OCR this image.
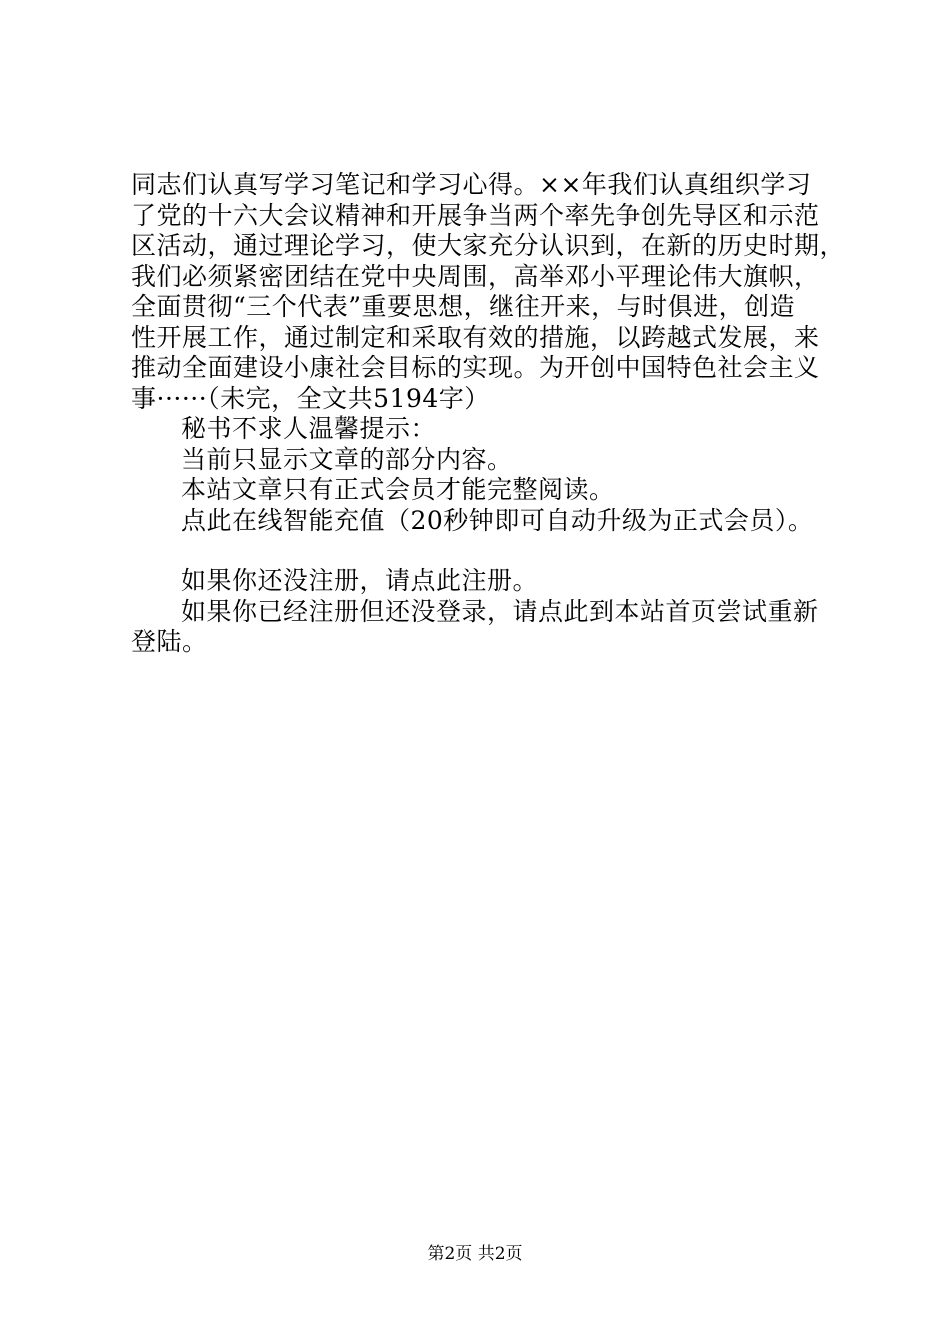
同志们认真写学习笔记和学习心得。××年我们认真组织学习
了党的十六大会议精神和开展争当两个率先争创先导区和示范
区活动，通过理论学习，使大家充分认识到，在新的历史时期，
我们必须紧密团结在党中央周围，高举邓小平理论伟大旗帜，
全面贯彻“三个代表”重要思想，继往开来，与时俱进，创造
性开展工作，通过制定和采取有效的措施，以跨越式发展，来
推动全面建设小康社会目标的实现。为开创中国特色社会主义
事······（未完，全文共5194字）
秘书不求人温馨提示：
当前只显示文章的部分内容。
本站文章只有正式会员才能完整阅读。
点此在线智能充值（20秒钟即可自动升级为正式会员）。
如果你还没注册，请点此注册。
如果你已经注册但还没登录，请点此到本站首页尝试重新
登陆。
第2页 共2页
